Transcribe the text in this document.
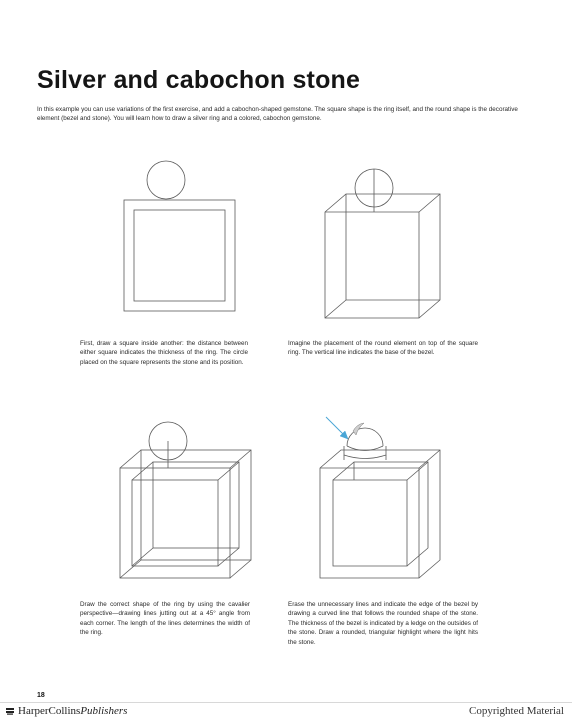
Silver and cabochon stone
In this example you can use variations of the first exercise, and add a cabochon-shaped gemstone. The square shape is the ring itself, and the round shape is the decorative element (bezel and stone). You will learn how to draw a silver ring and a colored, cabochon gemstone.
First, draw a square inside another: the distance between either square indicates the thickness of the ring. The circle placed on the square represents the stone and its position.
Imagine the placement of the round element on top of the square ring. The vertical line indicates the base of the bezel.
Draw the correct shape of the ring by using the cavalier perspective—drawing lines jutting out at a 45° angle from each corner. The length of the lines determines the width of the ring.
Erase the unnecessary lines and indicate the edge of the bezel by drawing a curved line that follows the rounded shape of the stone. The thickness of the bezel is indicated by a ledge on the outsides of the stone. Draw a rounded, triangular highlight where the light hits the stone.
18
HarperCollins Publishers	Copyrighted Material
